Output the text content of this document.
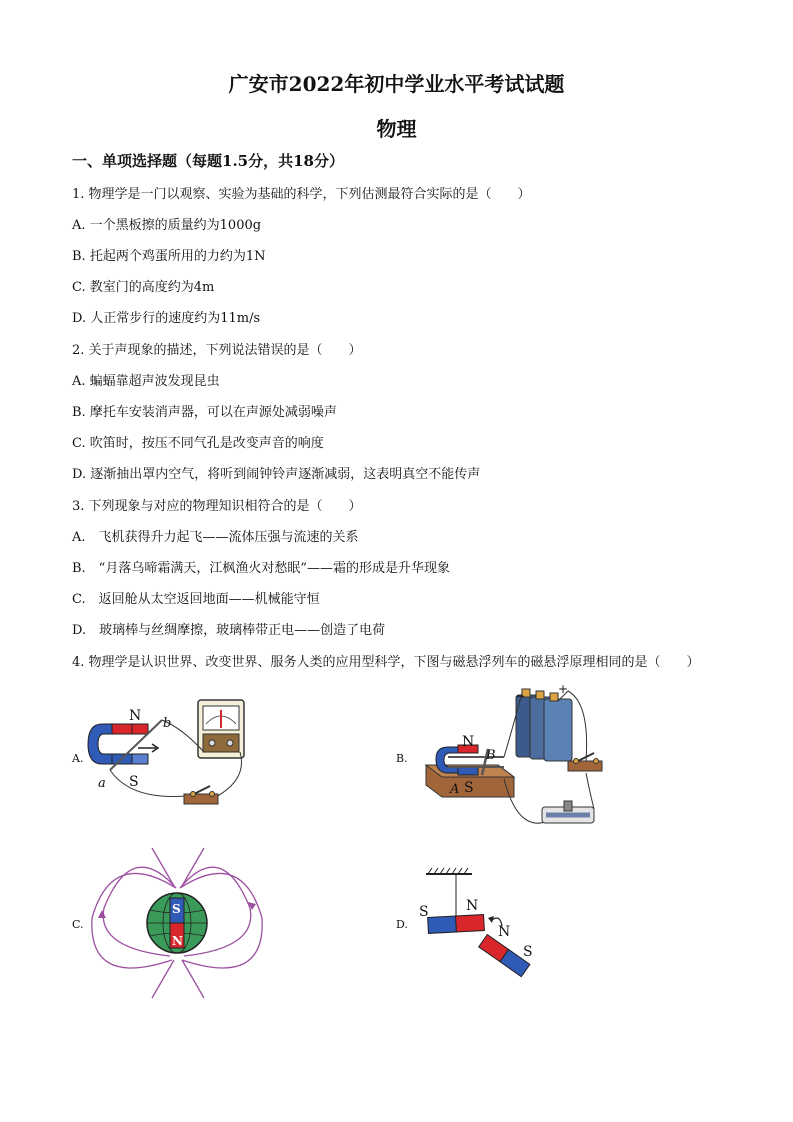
广安市2022年初中学业水平考试试题
物理
一、单项选择题（每题1.5分，共18分）
1. 物理学是一门以观察、实验为基础的科学，下列估测最符合实际的是（　　）
A. 一个黑板擦的质量约为1000g
B. 托起两个鸡蛋所用的力约为1N
C. 教室门的高度约为4m
D. 人正常步行的速度约为11m/s
2. 关于声现象的描述，下列说法错误的是（　　）
A. 蝙蝠靠超声波发现昆虫
B. 摩托车安装消声器，可以在声源处减弱噪声
C. 吹笛时，按压不同气孔是改变声音的响度
D. 逐渐抽出罩内空气，将听到闹钟铃声逐渐减弱，这表明真空不能传声
3. 下列现象与对应的物理知识相符合的是（　　）
A.　飞机获得升力起飞——流体压强与流速的关系
B.　“月落乌啼霜满天，江枫渔火对愁眠”——霜的形成是升华现象
C.　返回舱从太空返回地面——机械能守恒
D.　玻璃棒与丝绸摩擦，玻璃棒带正电——创造了电荷
4. 物理学是认识世界、改变世界、服务人类的应用型科学，下图与磁悬浮列车的磁悬浮原理相同的是（　　）
A.
N
S
a
b
B.
N
S
A
B
−	+
C.
S
N
D.
S	N
N
S
